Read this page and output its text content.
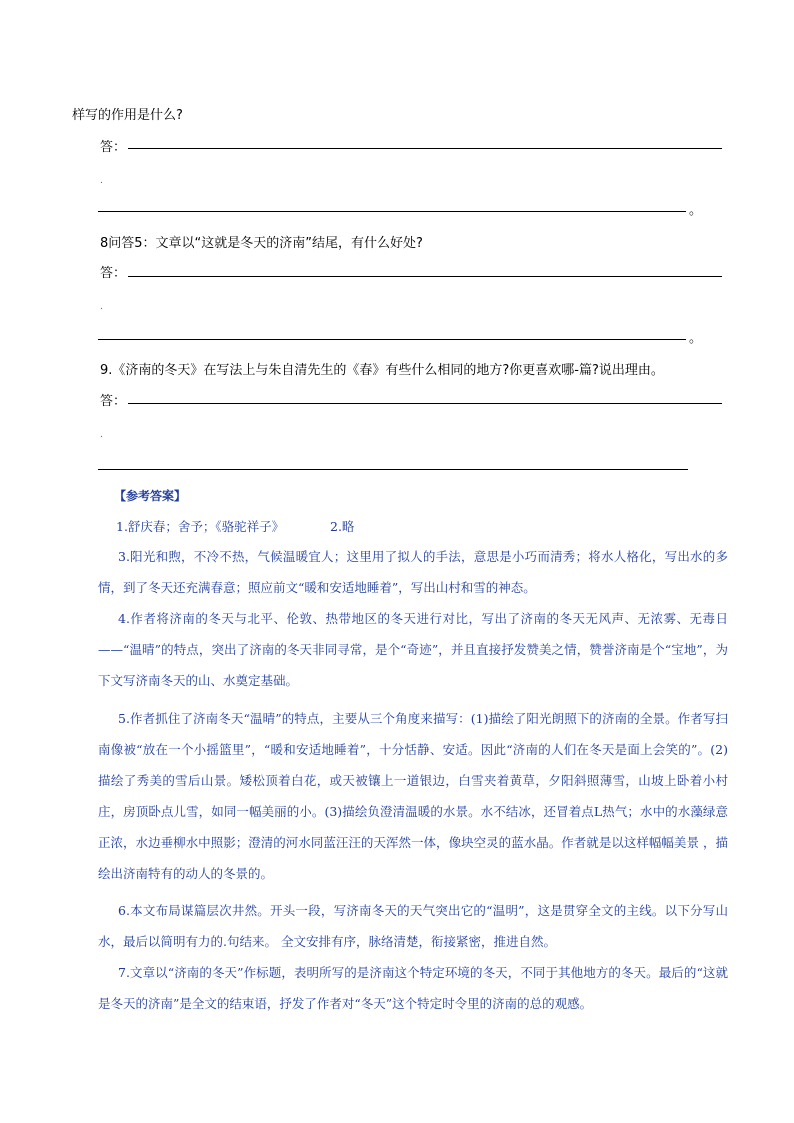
样写的作用是什么?
答：
.
。
8问答5：文章以“这就是冬天的济南”结尾，有什么好处?
答：
.
。
9.《济南的冬天》在写法上与朱自清先生的《春》有些什么相同的地方?你更喜欢哪-篇?说出理由。
答：
.
【参考答案】
1.舒庆春；舍予；《骆驼祥子》	2.略
3.阳光和煦，不冷不热，气候温暖宜人；这里用了拟人的手法，意思是小巧而清秀；将水人格化，写出水的多情，到了冬天还充满春意；照应前文“暖和安适地睡着”，写出山村和雪的神态。
4.作者将济南的冬天与北平、伦敦、热带地区的冬天进行对比，写出了济南的冬天无风声、无浓雾、无毒日——“温晴”的特点，突出了济南的冬天非同寻常，是个“奇迹”，并且直接抒发赞美之情，赞誉济南是个“宝地”，为下文写济南冬天的山、水奠定基础。
5.作者抓住了济南冬天“温晴”的特点，主要从三个角度来描写：(1)描绘了阳光朗照下的济南的全景。作者写扫南像被“放在一个小摇篮里”，“暖和安适地睡着”，十分恬静、安适。因此“济南的人们在冬天是面上会笑的”。(2)描绘了秀美的雪后山景。矮松顶着白花，或天被镶上一道银边，白雪夹着黄草，夕阳斜照薄雪，山坡上卧着小村庄，房顶卧点儿雪，如同一幅美丽的小。(3)描绘负澄清温暖的水景。水不结冰，还冒着点L热气；水中的水藻绿意正浓，水边垂柳水中照影；澄清的河水同蓝汪汪的天浑然一体，像块空灵的蓝水晶。作者就是以这样幅幅美景 ，描绘出济南特有的动人的冬景的。
6.本文布局谋篇层次井然。开头一段，写济南冬天的天气突出它的“温明”，这是贯穿全文的主线。以下分写山水，最后以简明有力的.句结来。 全文安排有序，脉络清楚，衔接紧密，推进自然。
7.文章以“济南的冬天”作标题，表明所写的是济南这个特定环境的冬天，不同于其他地方的冬天。最后的“这就是冬天的济南”是全文的结束语，抒发了作者对“冬天”这个特定时令里的济南的总的观感。
